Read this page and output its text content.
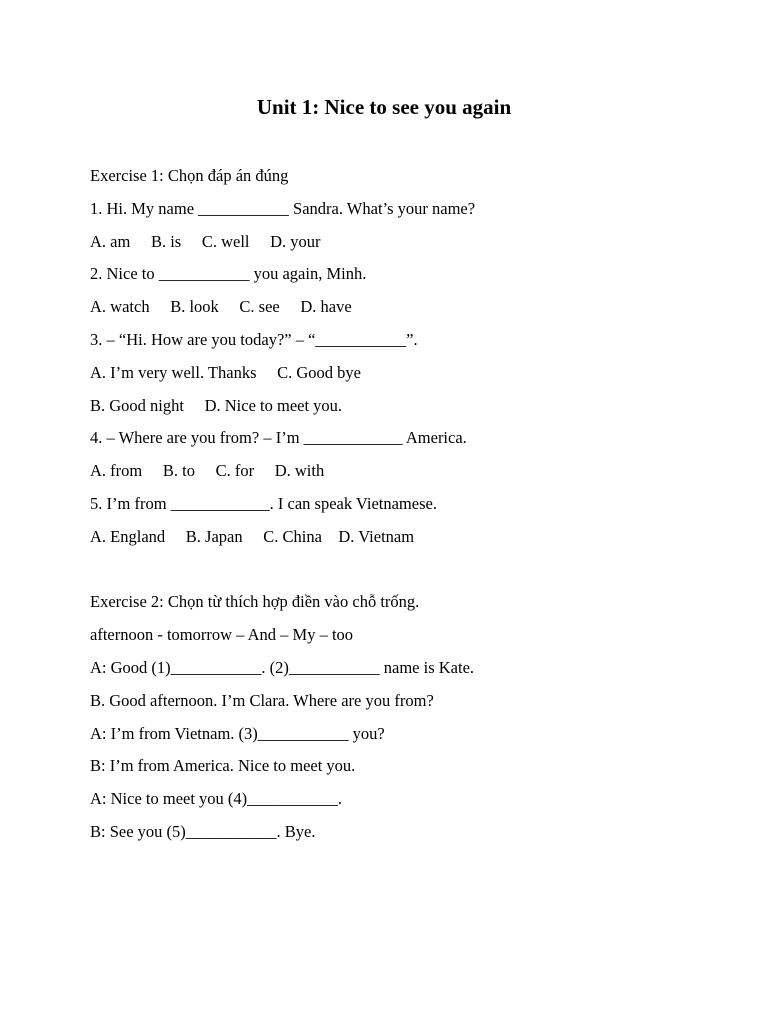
Unit 1: Nice to see you again

Exercise 1: Chọn đáp án đúng

1. Hi. My name ___________ Sandra. What’s your name?

A. am     B. is     C. well     D. your

2. Nice to ___________ you again, Minh.

A. watch     B. look     C. see     D. have

3. – “Hi. How are you today?” – “___________”.

A. I’m very well. Thanks     C. Good bye

B. Good night     D. Nice to meet you.

4. – Where are you from? – I’m ____________ America.

A. from     B. to     C. for     D. with

5. I’m from ____________. I can speak Vietnamese.

A. England     B. Japan     C. China    D. Vietnam

Exercise 2: Chọn từ thích hợp điền vào chỗ trống.

afternoon - tomorrow – And – My – too

A: Good (1)___________. (2)___________ name is Kate.

B. Good afternoon. I’m Clara. Where are you from?

A: I’m from Vietnam. (3)___________ you?

B: I’m from America. Nice to meet you.

A: Nice to meet you (4)___________.

B: See you (5)___________. Bye.
